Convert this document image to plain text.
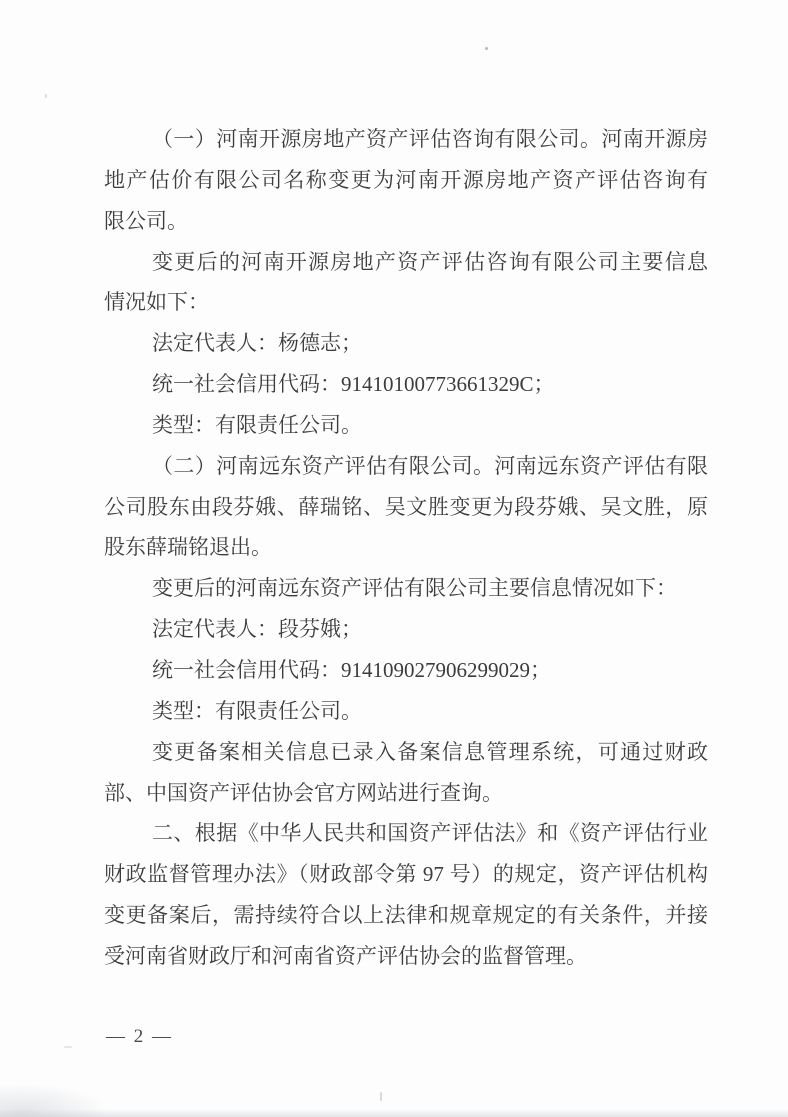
（一）河南开源房地产资产评估咨询有限公司。河南开源房
地产估价有限公司名称变更为河南开源房地产资产评估咨询有
限公司。
变更后的河南开源房地产资产评估咨询有限公司主要信息
情况如下：
法定代表人：杨德志；
统一社会信用代码：91410100773661329C；
类型：有限责任公司。
（二）河南远东资产评估有限公司。河南远东资产评估有限
公司股东由段芬娥、薛瑞铭、吴文胜变更为段芬娥、吴文胜，原
股东薛瑞铭退出。
变更后的河南远东资产评估有限公司主要信息情况如下：
法定代表人：段芬娥；
统一社会信用代码：914109027906299029；
类型：有限责任公司。
变更备案相关信息已录入备案信息管理系统，可通过财政
部、中国资产评估协会官方网站进行查询。
二、根据《中华人民共和国资产评估法》和《资产评估行业
财政监督管理办法》（财政部令第 97 号）的规定，资产评估机构
变更备案后，需持续符合以上法律和规章规定的有关条件，并接
受河南省财政厅和河南省资产评估协会的监督管理。
— 2 —
